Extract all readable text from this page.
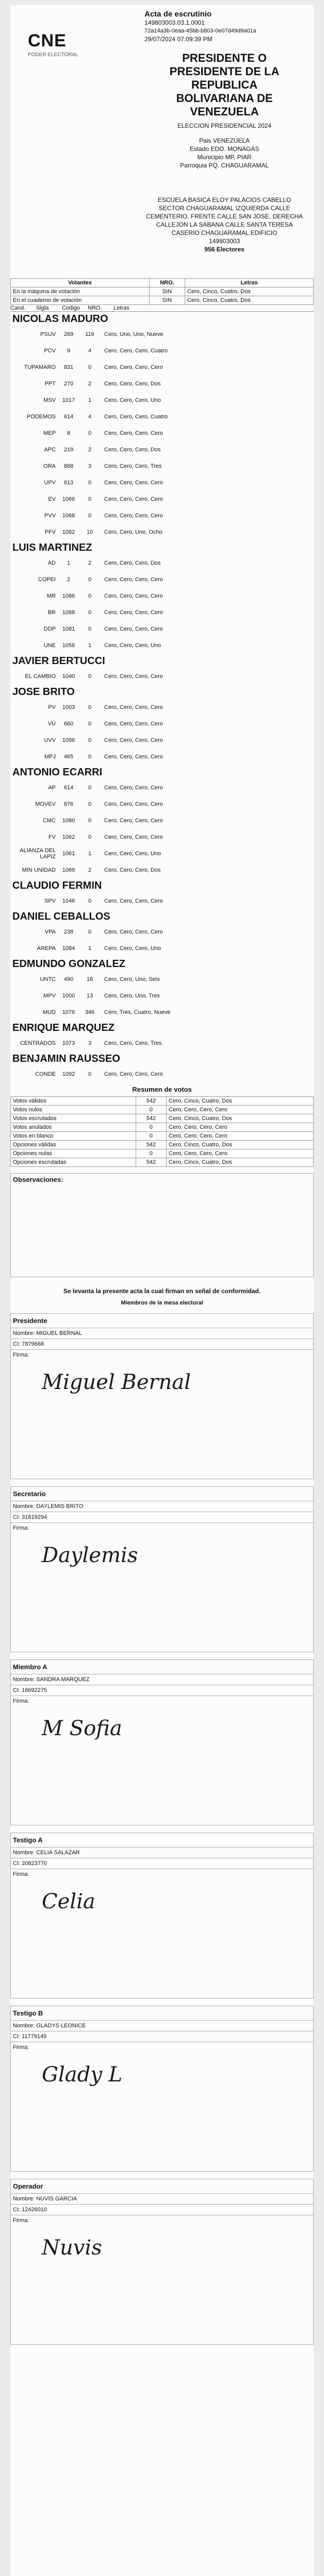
CNE
PODER ELECTORAL
Acta de escrutinio
149803003.03.1.0001
72a14a3b-0eaa-45bb-b803-0e07d49d9a01a
29/07/2024 07:09:39 PM
PRESIDENTE O
PRESIDENTE DE LA
REPUBLICA
BOLIVARIANA DE
VENEZUELA
ELECCION PRESIDENCIAL 2024
Pais VENEZUELA
Estado EDO. MONAGAS
Municipio MP. PIAR
Parroquia PQ. CHAGUARAMAL
ESCUELA BASICA ELOY PALACIOS CABELLO
SECTOR CHAGUARAMAL IZQUIERDA CALLE CEMENTERIO, FRENTE CALLE SAN JOSE, DERECHA CALLEJON LA SABANA CALLE SANTA TERESA CASERIO CHAGUARAMAL EDIFICIO
149803003
956 Electores
Votantes	NRO.	Letras
En la máquina de votación	SIN	Cero, Cinco, Cuatro, Dos
En el cuaderno de votación	SIN	Cero, Cinco, Cuatro, Dos
Cand.	Sigla	Codigo	NRO.	Letras
NICOLAS MADURO
PSUV	269	116	Cero, Uno, Uno, Nueve
PCV	9	4	Cero, Cero, Cero, Cuatro
TUPAMARO	831	0	Cero, Cero, Cero, Cero
PPT	270	2	Cero, Cero, Cero, Dos
MSV	1017	1	Cero, Cero, Cero, Uno
PODEMOS	614	4	Cero, Cero, Cero, Cuatro
MEP	8	0	Cero, Cero, Cero, Cero
APC	219	2	Cero, Cero, Cero, Dos
ORA	868	3	Cero, Cero, Cero, Tres
UPV	613	0	Cero, Cero, Cero, Cero
EV	1066	0	Cero, Cero, Cero, Cero
PVV	1068	0	Cero, Cero, Cero, Cero
PFV	1082	10	Cero, Cero, Uno, Ocho
LUIS MARTINEZ
AD	1	2	Cero, Cero, Cero, Dos
COPEI	2	0	Cero, Cero, Cero, Cero
MR	1086	0	Cero, Cero, Cero, Cero
BR	1088	0	Cero, Cero, Cero, Cero
DDP	1081	0	Cero, Cero, Cero, Cero
UNE	1056	1	Cero, Cero, Cero, Uno
JAVIER BERTUCCI
EL CAMBIO	1040	0	Cero, Cero, Cero, Cero
JOSE BRITO
PV	1003	0	Cero, Cero, Cero, Cero
VU	660	0	Cero, Cero, Cero, Cero
UVV	1096	0	Cero, Cero, Cero, Cero
MPJ	465	0	Cero, Cero, Cero, Cero
ANTONIO ECARRI
AP	614	0	Cero, Cero, Cero, Cero
MOVEV	876	0	Cero, Cero, Cero, Cero
CMC	1080	0	Cero, Cero, Cero, Cero
FV	1062	0	Cero, Cero, Cero, Cero
ALIANZA DEL LAPIZ	1061	1	Cero, Cero, Cero, Uno
MIN UNIDAD	1069	2	Cero, Cero, Cero, Dos
CLAUDIO FERMIN
SPV	1046	0	Cero, Cero, Cero, Cero
DANIEL CEBALLOS
VPA	238	0	Cero, Cero, Cero, Cero
AREPA	1084	1	Cero, Cero, Cero, Uno
EDMUNDO GONZALEZ
UNTC	490	16	Cero, Cero, Uno, Seis
MPV	1000	13	Cero, Cero, Uno, Tres
MUD	1076	346	Cero, Tres, Cuatro, Nueve
ENRIQUE MARQUEZ
CENTRADOS	1073	3	Cero, Cero, Cero, Tres
BENJAMIN RAUSSEO
CONDE	1092	0	Cero, Cero, Cero, Cero
Resumen de votos
Votos válidos	542	Cero, Cinco, Cuatro, Dos
Votos nulos	0	Cero, Cero, Cero, Cero
Votos escrutados	542	Cero, Cinco, Cuatro, Dos
Votos anulados	0	Cero, Cero, Cero, Cero
Votos en blanco	0	Cero, Cero, Cero, Cero
Opciones válidas	542	Cero, Cinco, Cuatro, Dos
Opciones nulas	0	Cero, Cero, Cero, Cero
Opciones escrutadas	542	Cero, Cinco, Cuatro, Dos
Observaciones:
Se levanta la presente acta la cual firman en señal de conformidad.
Miembros de la mesa electoral
Presidente
Nombre: MIGUEL BERNAL
CI: 7879668
Firma:
Miguel Bernal
Secretario
Nombre: DAYLEMIS BRITO
CI: 31819294
Firma:
Daylemis
Miembro A
Nombre: SANDRA MARQUEZ
CI: 18692275
Firma:
M Sofia
Testigo A
Nombre: CELIA SALAZAR
CI: 20823770
Firma:
Celia
Testigo B
Nombre: GLADYS LEONICE
CI: 11779149
Firma:
Glady L
Operador
Nombre: NUVIS GARCIA
CI: 12426010
Firma:
Nuvis
